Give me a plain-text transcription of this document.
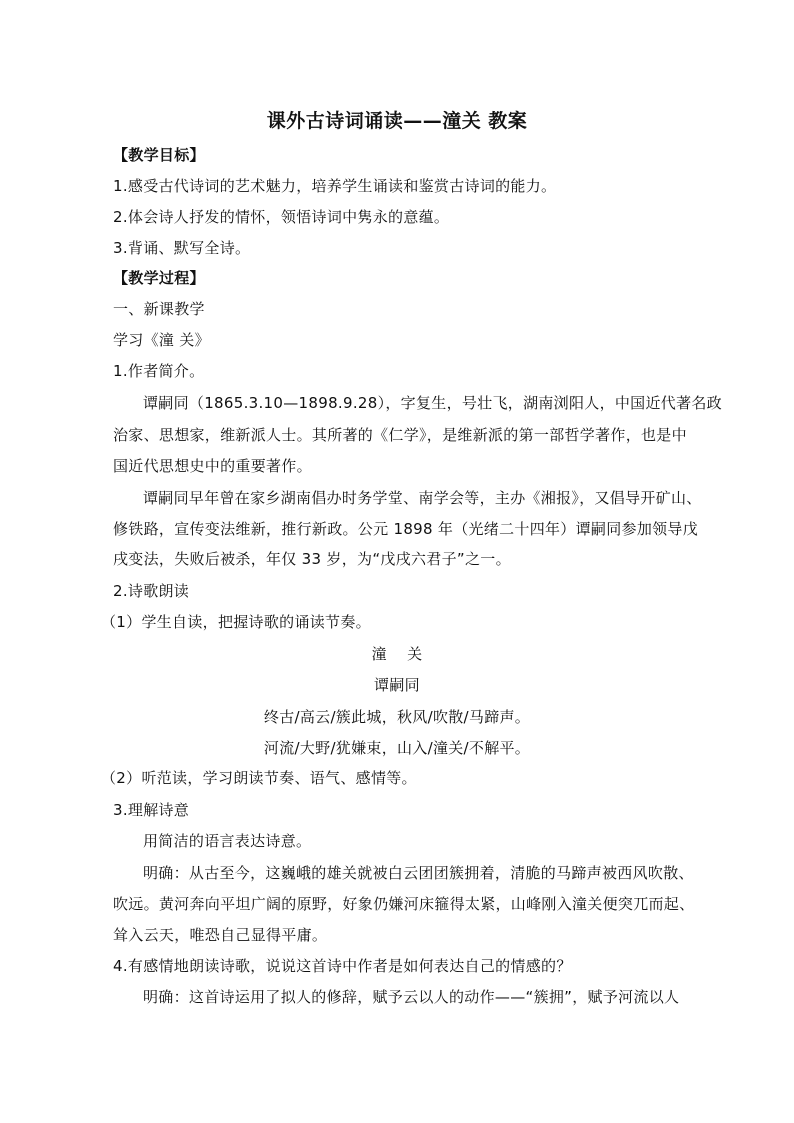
课外古诗词诵读——潼关 教案
【教学目标】
1.感受古代诗词的艺术魅力，培养学生诵读和鉴赏古诗词的能力。
2.体会诗人抒发的情怀，领悟诗词中隽永的意蕴。
3.背诵、默写全诗。
【教学过程】
一、新课教学
学习《潼 关》
1.作者简介。
谭嗣同（1865.3.10—1898.9.28），字复生，号壮飞，湖南浏阳人，中国近代著名政
治家、思想家，维新派人士。其所著的《仁学》，是维新派的第一部哲学著作，也是中
国近代思想史中的重要著作。
谭嗣同早年曾在家乡湖南倡办时务学堂、南学会等，主办《湘报》，又倡导开矿山、
修铁路，宣传变法维新，推行新政。公元 1898 年（光绪二十四年）谭嗣同参加领导戊
戌变法，失败后被杀，年仅 33 岁，为“戊戌六君子”之一。
2.诗歌朗读
（1）学生自读，把握诗歌的诵读节奏。
潼    关
谭嗣同
终古/高云/簇此城，秋风/吹散/马蹄声。
河流/大野/犹嫌束，山入/潼关/不解平。
（2）听范读，学习朗读节奏、语气、感情等。
3.理解诗意
用简洁的语言表达诗意。
明确：从古至今，这巍峨的雄关就被白云团团簇拥着，清脆的马蹄声被西风吹散、
吹远。黄河奔向平坦广阔的原野，好象仍嫌河床箍得太紧，山峰刚入潼关便突兀而起、
耸入云天，唯恐自己显得平庸。
4.有感情地朗读诗歌，说说这首诗中作者是如何表达自己的情感的？
明确：这首诗运用了拟人的修辞，赋予云以人的动作——“簇拥”，赋予河流以人
